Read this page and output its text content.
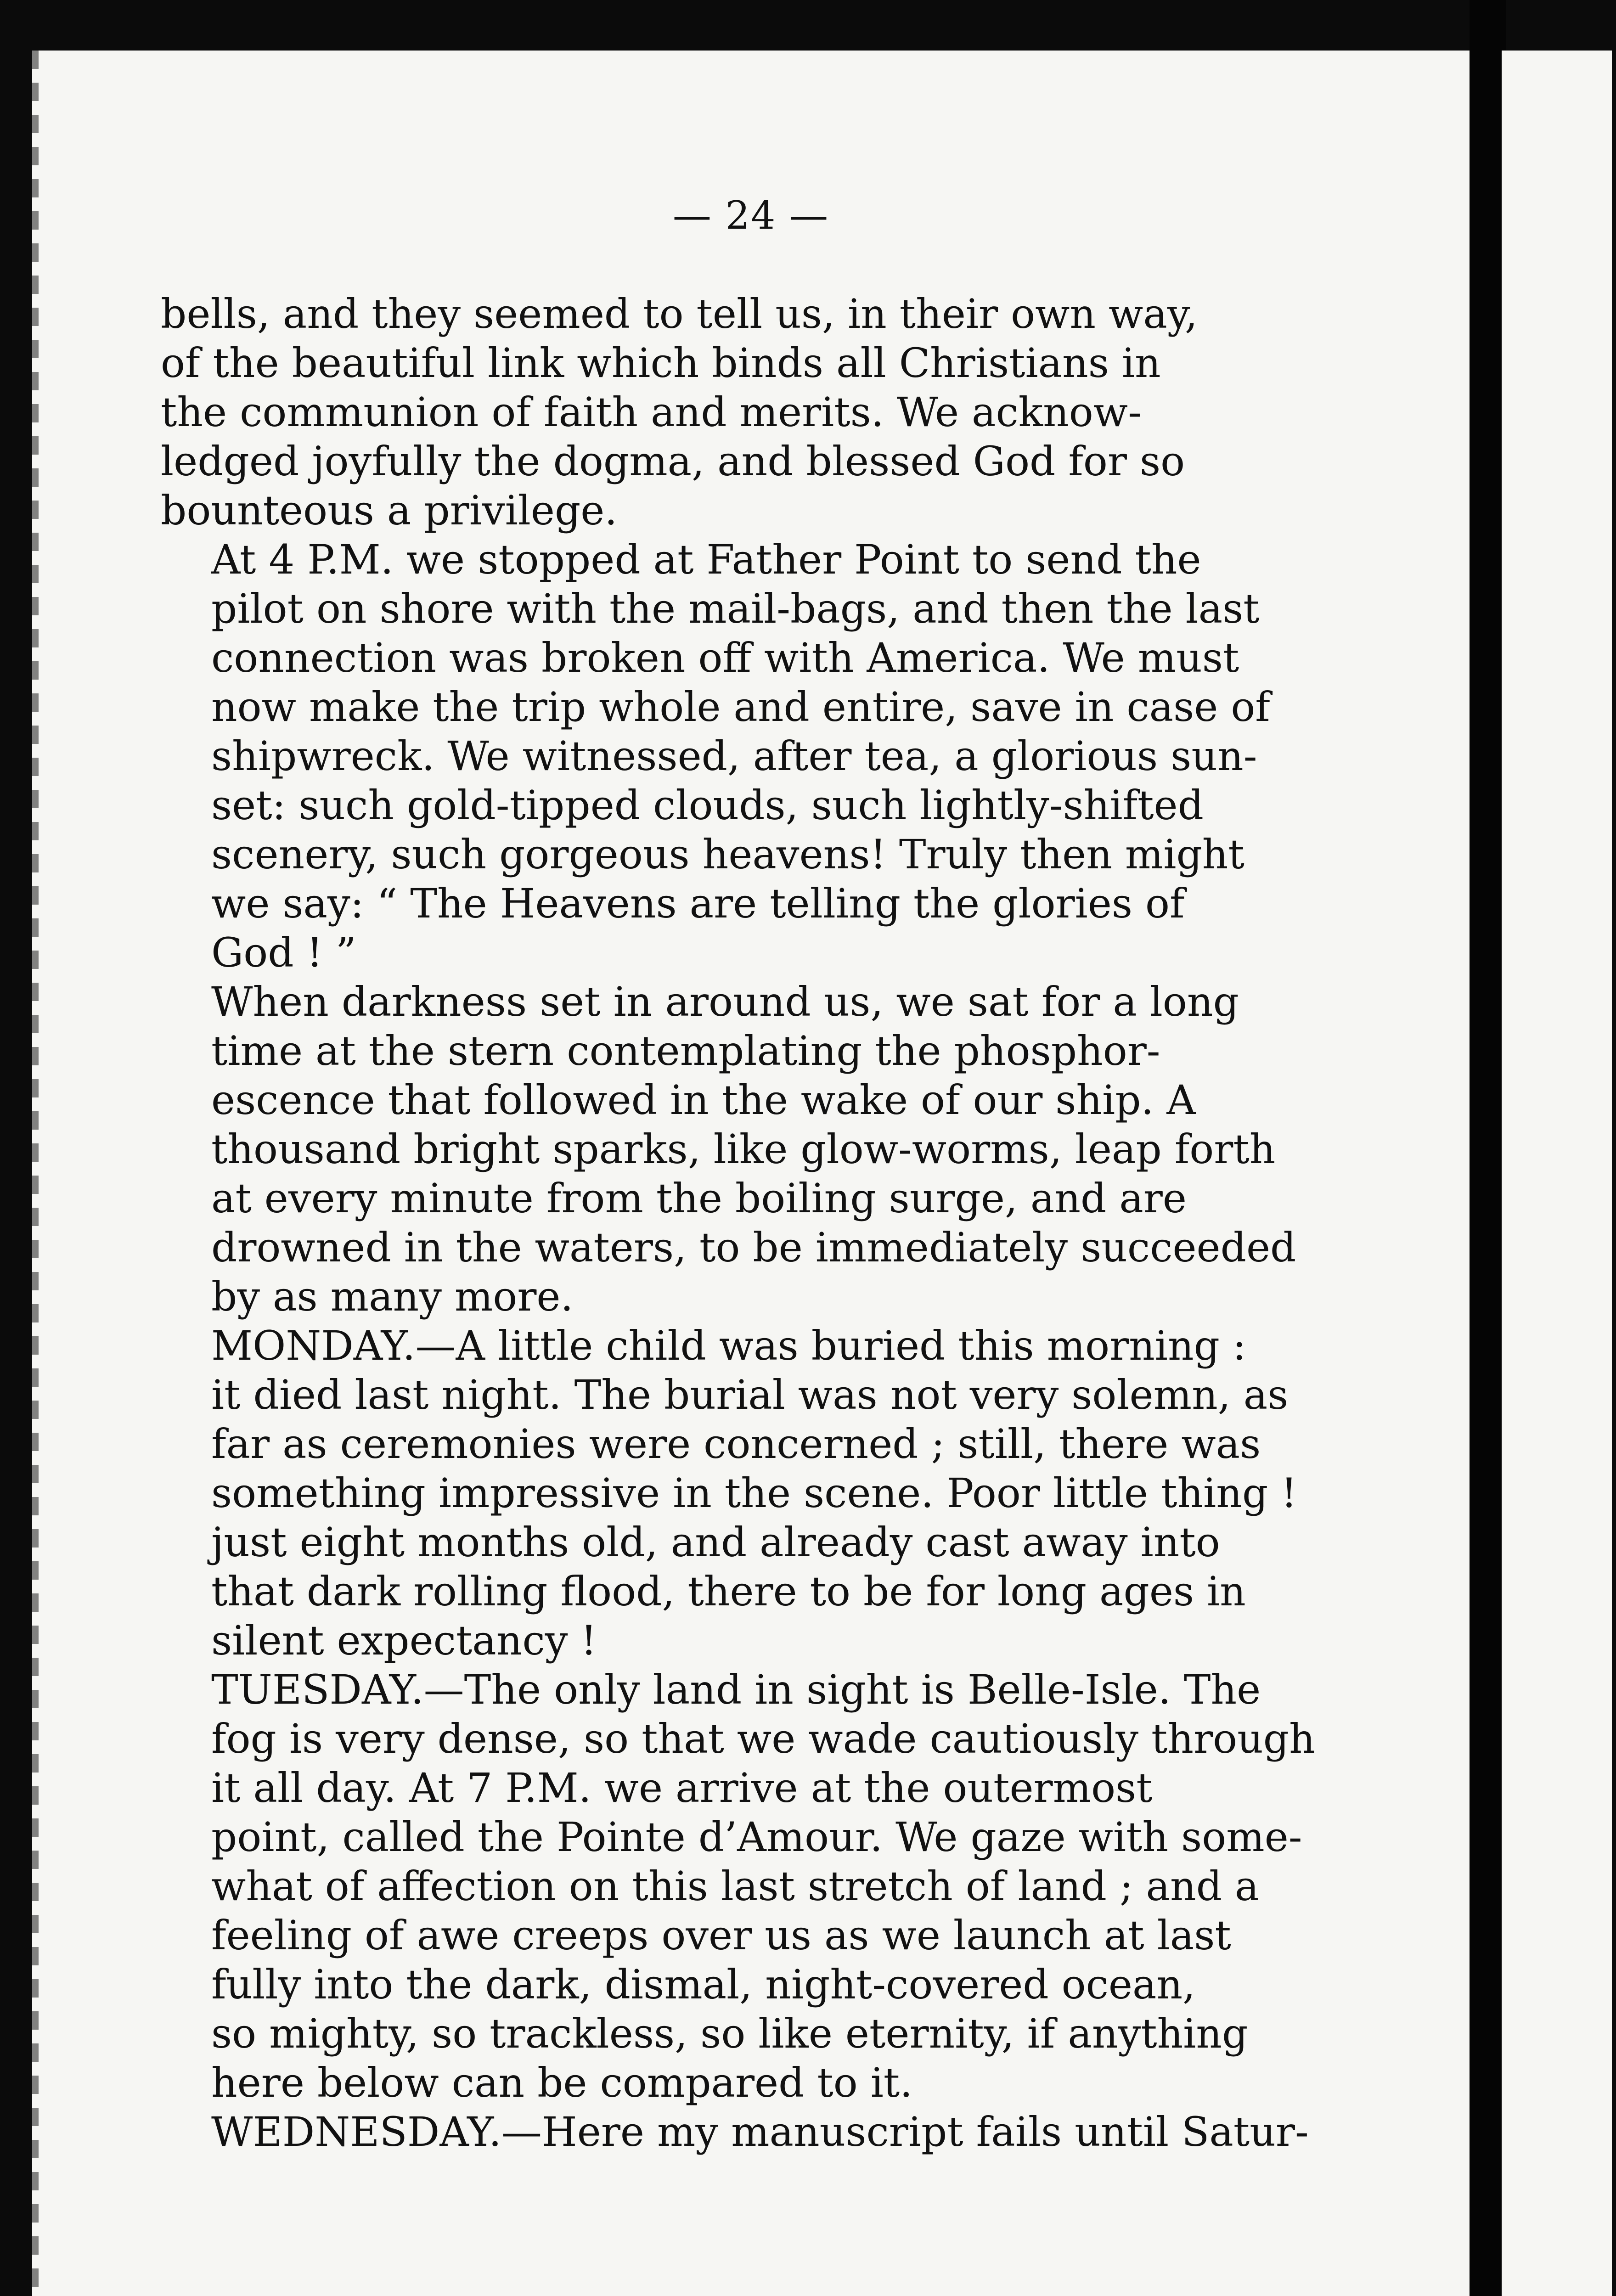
— 24 —

bells, and they seemed to tell us, in their own way,
of the beautiful link which binds all Christians in
the communion of faith and merits. We acknow-
ledged joyfully the dogma, and blessed God for so
bounteous a privilege.

At 4 P.M. we stopped at Father Point to send the
pilot on shore with the mail-bags, and then the last
connection was broken off with America. We must
now make the trip whole and entire, save in case of
shipwreck. We witnessed, after tea, a glorious sun-
set: such gold-tipped clouds, such lightly-shifted
scenery, such gorgeous heavens! Truly then might
we say: “ The Heavens are telling the glories of
God ! ”

When darkness set in around us, we sat for a long
time at the stern contemplating the phosphor-
escence that followed in the wake of our ship. A
thousand bright sparks, like glow-worms, leap forth
at every minute from the boiling surge, and are
drowned in the waters, to be immediately succeeded
by as many more.

MONDAY.—A little child was buried this morning :
it died last night. The burial was not very solemn, as
far as ceremonies were concerned ; still, there was
something impressive in the scene. Poor little thing !
just eight months old, and already cast away into
that dark rolling flood, there to be for long ages in
silent expectancy !

TUESDAY.—The only land in sight is Belle-Isle. The
fog is very dense, so that we wade cautiously through
it all day. At 7 P.M. we arrive at the outermost
point, called the Pointe d’Amour. We gaze with some-
what of affection on this last stretch of land ; and a
feeling of awe creeps over us as we launch at last
fully into the dark, dismal, night-covered ocean,
so mighty, so trackless, so like eternity, if anything
here below can be compared to it.

WEDNESDAY.—Here my manuscript fails until Satur-
